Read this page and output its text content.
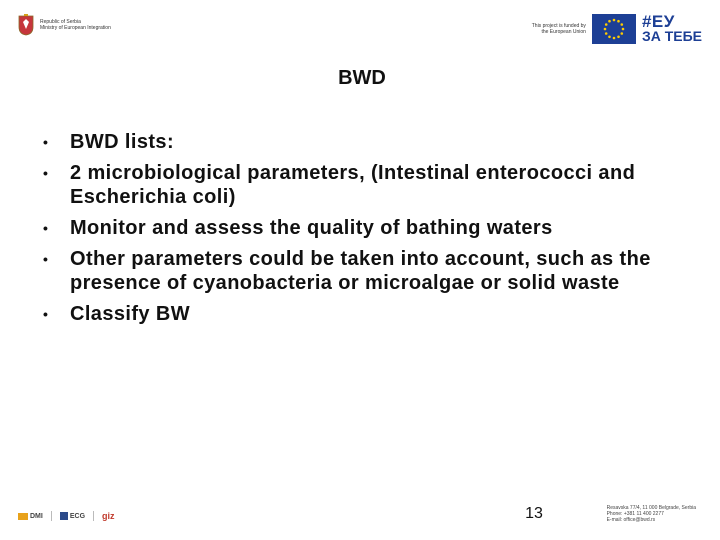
Republic of Serbia
Ministry of European Integration	This project is funded by
the European Union
#ЕУ
ЗА ТЕБЕ
BWD
• BWD lists:
• 2 microbiological parameters, (Intestinal enterococci and Escherichia coli)
• Monitor and assess the quality of bathing waters
• Other parameters could be taken into account, such as the presence of cyanobacteria or microalgae or solid waste
• Classify BW
DMI	ECG giz	13	Resavska 77/4, 11 000 Belgrade, Serbia
Phone: +381 11 400 2277
E-mail: office@bwd.rs
